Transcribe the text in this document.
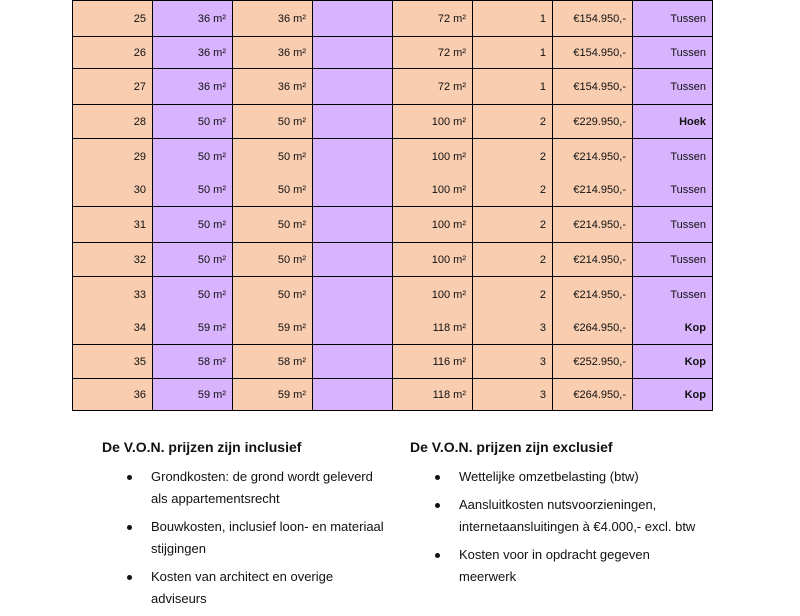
25	36 m²	36 m²		72 m²	1	€154.950,-	Tussen
26	36 m²	36 m²		72 m²	1	€154.950,-	Tussen
27	36 m²	36 m²		72 m²	1	€154.950,-	Tussen
28	50 m²	50 m²		100 m²	2	€229.950,-	Hoek
29	50 m²	50 m²		100 m²	2	€214.950,-	Tussen
30	50 m²	50 m²		100 m²	2	€214.950,-	Tussen
31	50 m²	50 m²		100 m²	2	€214.950,-	Tussen
32	50 m²	50 m²		100 m²	2	€214.950,-	Tussen
33	50 m²	50 m²		100 m²	2	€214.950,-	Tussen
34	59 m²	59 m²		118 m²	3	€264.950,-	Kop
35	58 m²	58 m²		116 m²	3	€252.950,-	Kop
36	59 m²	59 m²		118 m²	3	€264.950,-	Kop
De V.O.N. prijzen zijn inclusief
Grondkosten: de grond wordt geleverd als appartementsrecht
Bouwkosten, inclusief loon- en materiaal stijgingen
Kosten van architect en overige adviseurs
De V.O.N. prijzen zijn exclusief
Wettelijke omzetbelasting (btw)
Aansluitkosten nutsvoorzieningen, internetaansluitingen à €4.000,- excl. btw
Kosten voor in opdracht gegeven meerwerk
